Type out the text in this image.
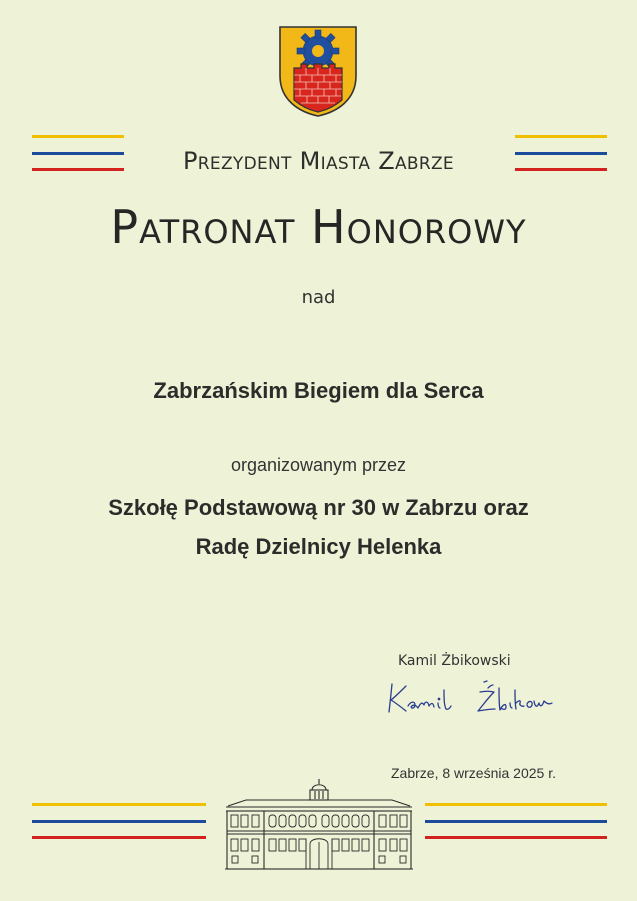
Prezydent Miasta Zabrze
Patronat Honorowy

nad

Zabrzańskim Biegiem dla Serca

organizowanym przez

Szkołę Podstawową nr 30 w Zabrzu oraz
Radę Dzielnicy Helenka
Kamil Żbikowski
Zabrze, 8 września 2025 r.
